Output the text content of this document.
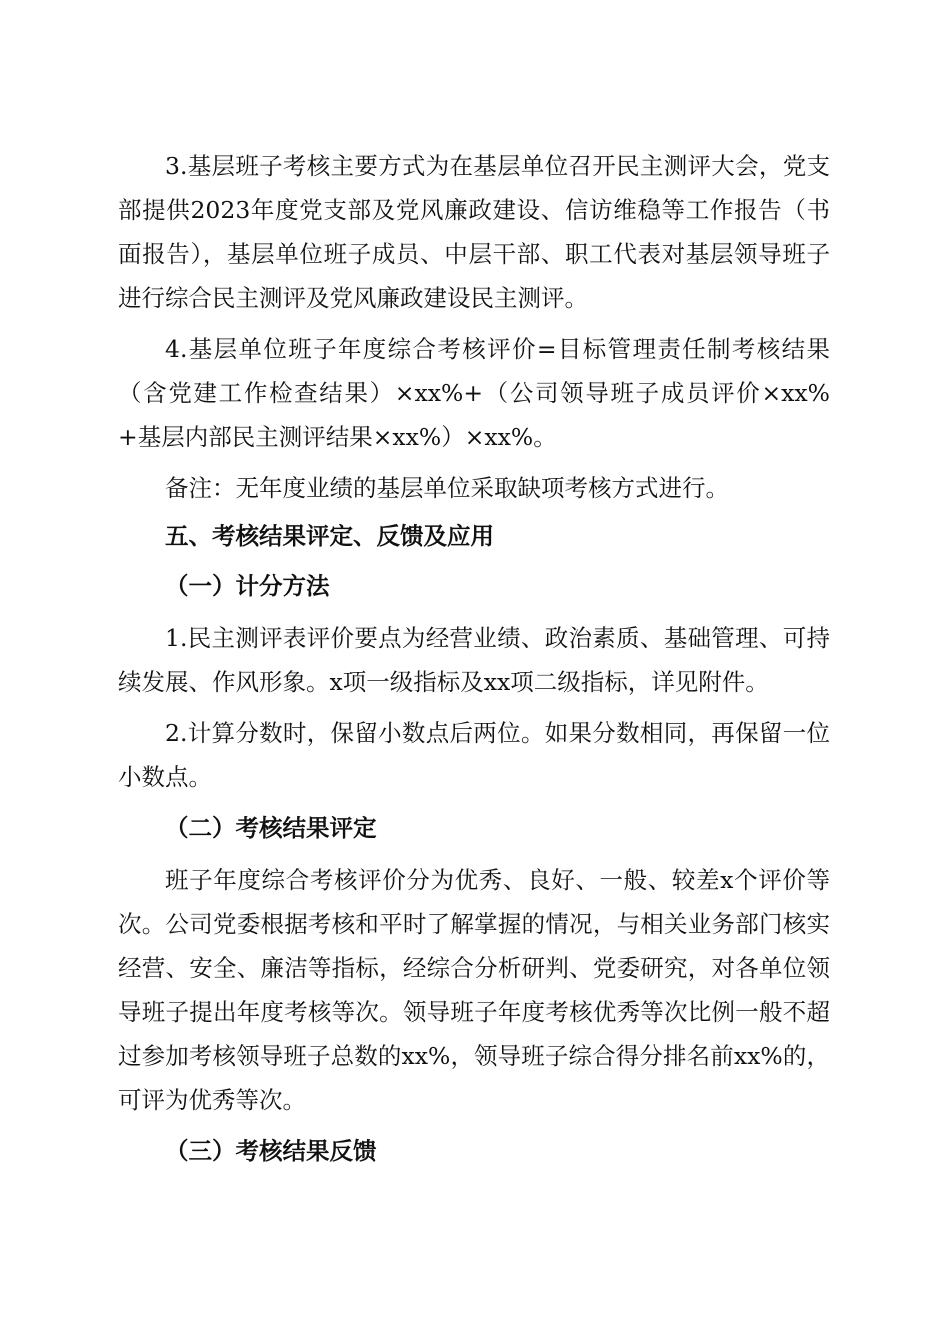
3.基层班子考核主要方式为在基层单位召开民主测评大会，党支部提供2023年度党支部及党风廉政建设、信访维稳等工作报告（书面报告），基层单位班子成员、中层干部、职工代表对基层领导班子进行综合民主测评及党风廉政建设民主测评。

4.基层单位班子年度综合考核评价=目标管理责任制考核结果（含党建工作检查结果）×xx%+（公司领导班子成员评价×xx%+基层内部民主测评结果×xx%）×xx%。

备注：无年度业绩的基层单位采取缺项考核方式进行。

五、考核结果评定、反馈及应用

（一）计分方法

1.民主测评表评价要点为经营业绩、政治素质、基础管理、可持续发展、作风形象。x项一级指标及xx项二级指标，详见附件。

2.计算分数时，保留小数点后两位。如果分数相同，再保留一位小数点。

（二）考核结果评定

班子年度综合考核评价分为优秀、良好、一般、较差x个评价等次。公司党委根据考核和平时了解掌握的情况，与相关业务部门核实经营、安全、廉洁等指标，经综合分析研判、党委研究，对各单位领导班子提出年度考核等次。领导班子年度考核优秀等次比例一般不超过参加考核领导班子总数的xx%，领导班子综合得分排名前xx%的，可评为优秀等次。

（三）考核结果反馈
